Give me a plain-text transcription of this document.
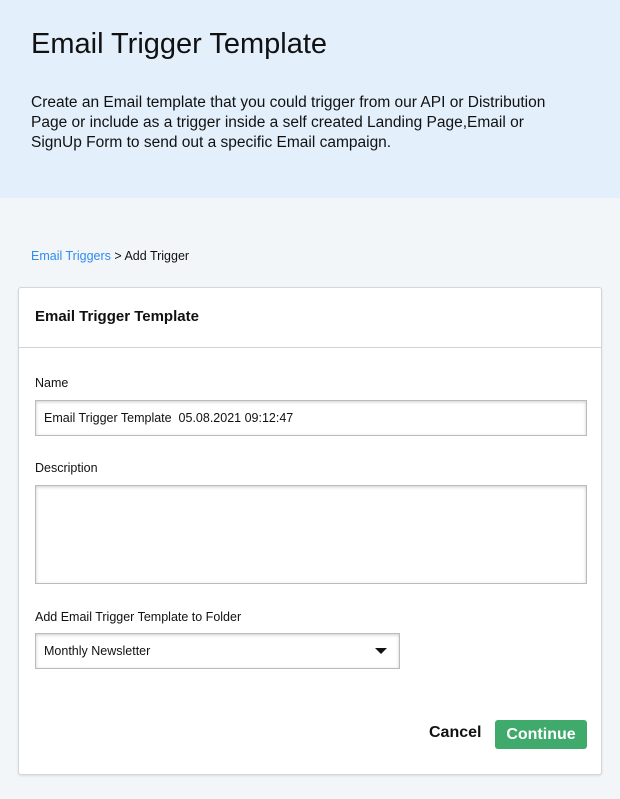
Email Trigger Template

Create an Email template that you could trigger from our API or Distribution Page or include as a trigger inside a self created Landing Page,Email or SignUp Form to send out a specific Email campaign.

Email Triggers > Add Trigger
Email Trigger Template
Name
Email Trigger Template  05.08.2021 09:12:47
Description
Add Email Trigger Template to Folder
Monthly Newsletter
Cancel	Continue
